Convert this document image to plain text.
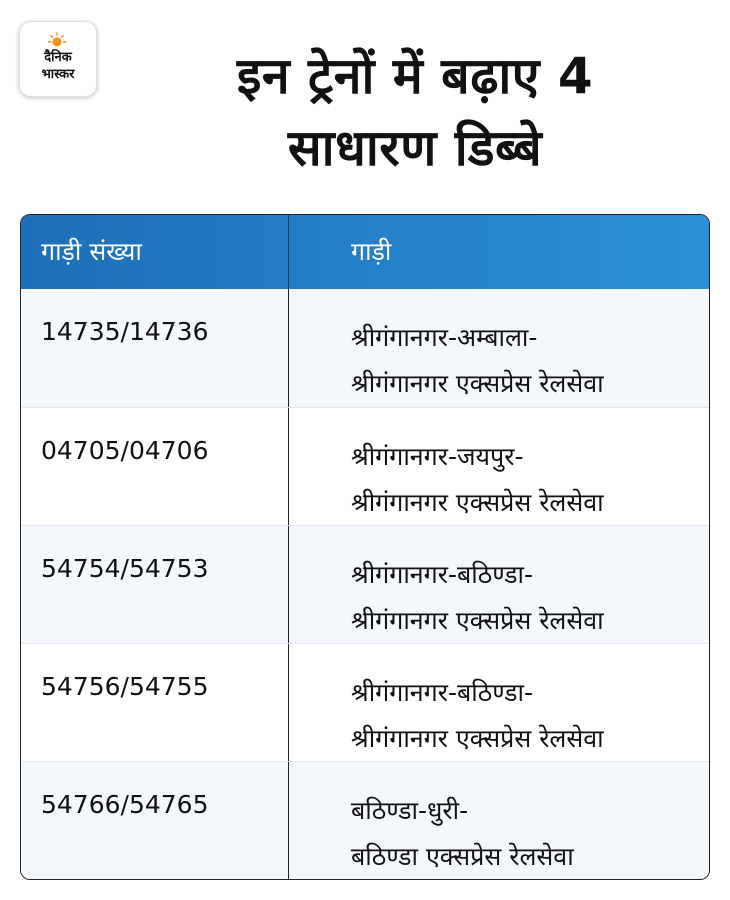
दैनिक
भास्कर	इन ट्रेनों में बढ़ाए 4
साधारण डिब्बे
गाड़ी संख्या	गाड़ी
14735/14736	श्रीगंगानगर-अम्बाला-
श्रीगंगानगर एक्सप्रेस रेलसेवा
04705/04706	श्रीगंगानगर-जयपुर-
श्रीगंगानगर एक्सप्रेस रेलसेवा
54754/54753	श्रीगंगानगर-बठिण्डा-
श्रीगंगानगर एक्सप्रेस रेलसेवा
54756/54755	श्रीगंगानगर-बठिण्डा-
श्रीगंगानगर एक्सप्रेस रेलसेवा
54766/54765	बठिण्डा-धुरी-
बठिण्डा एक्सप्रेस रेलसेवा
